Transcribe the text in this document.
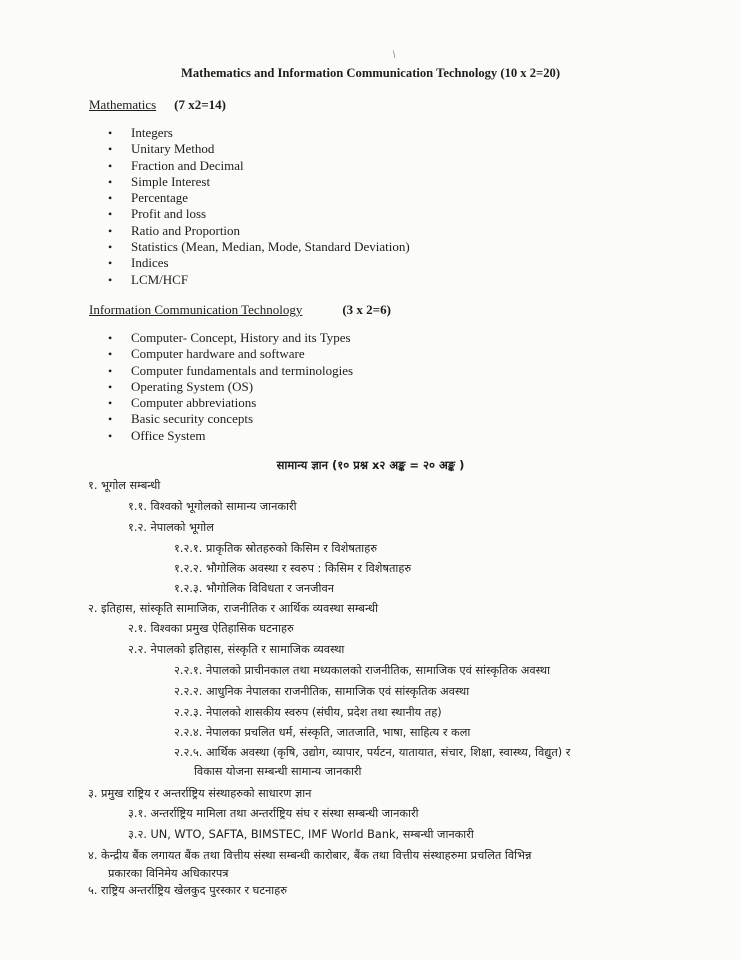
/
Mathematics and Information Communication Technology (10 x 2=20)
Mathematics (7 x2=14)
• Integers
• Unitary Method
• Fraction and Decimal
• Simple Interest
• Percentage
• Profit and loss
• Ratio and Proportion
• Statistics (Mean, Median, Mode, Standard Deviation)
• Indices
• LCM/HCF
Information Communication Technology	(3 x 2=6)
• Computer- Concept, History and its Types
• Computer hardware and software
• Computer fundamentals and terminologies
• Operating System (OS)
• Computer abbreviations
• Basic security concepts
• Office System
सामान्य ज्ञान (१० प्रश्न x२ अङ्क = २० अङ्क )
१. भूगोल सम्बन्धी
१.१. विश्वको भूगोलको सामान्य जानकारी
१.२. नेपालको भूगोल
१.२.१. प्राकृतिक स्रोतहरुको किसिम र विशेषताहरु
१.२.२. भौगोलिक अवस्था र स्वरुप : किसिम र विशेषताहरु
१.२.३. भौगोलिक विविधता र जनजीवन
२. इतिहास, सांस्कृति सामाजिक, राजनीतिक र आर्थिक व्यवस्था सम्बन्धी
२.१. विश्वका प्रमुख ऐतिहासिक घटनाहरु
२.२. नेपालको इतिहास, संस्कृति र सामाजिक व्यवस्था
२.२.१. नेपालको प्राचीनकाल तथा मध्यकालको राजनीतिक, सामाजिक एवं सांस्कृतिक अवस्था
२.२.२. आधुनिक नेपालका राजनीतिक, सामाजिक एवं सांस्कृतिक अवस्था
२.२.३. नेपालको शासकीय स्वरुप (संघीय, प्रदेश तथा स्थानीय तह)
२.२.४. नेपालका प्रचलित धर्म, संस्कृति, जातजाति, भाषा, साहित्य र कला
२.२.५. आर्थिक अवस्था (कृषि, उद्योग, व्यापार, पर्यटन, यातायात, संचार, शिक्षा, स्वास्थ्य, विद्युत) र
विकास योजना सम्बन्धी सामान्य जानकारी
३. प्रमुख राष्ट्रिय र अन्तर्राष्ट्रिय संस्थाहरुको साधारण ज्ञान
३.१. अन्तर्राष्ट्रिय मामिला तथा अन्तर्राष्ट्रिय संघ र संस्था सम्बन्धी जानकारी
३.२. UN, WTO, SAFTA, BIMSTEC, IMF World Bank, सम्बन्धी जानकारी
४. केन्द्रीय बैंक लगायत बैंक तथा वित्तीय संस्था सम्बन्धी कारोबार, बैंक तथा वित्तीय संस्थाहरुमा प्रचलित विभिन्न
प्रकारका विनिमेय अधिकारपत्र
५. राष्ट्रिय अन्तर्राष्ट्रिय खेलकुद पुरस्कार र घटनाहरु
